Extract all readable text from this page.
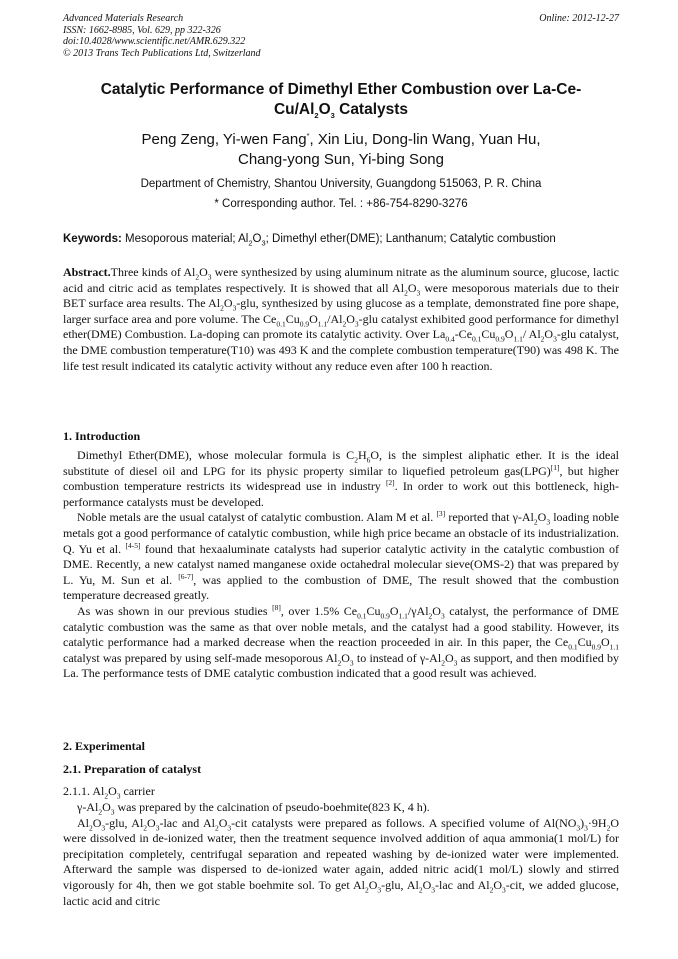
Advanced Materials Research
ISSN: 1662-8985, Vol. 629, pp 322-326
doi:10.4028/www.scientific.net/AMR.629.322
© 2013 Trans Tech Publications Ltd, Switzerland
Online: 2012-12-27
Catalytic Performance of Dimethyl Ether Combustion over La-Ce-
$Cu/Al_2O_3$ Catalysts
Peng Zeng, Yi-wen Fang*, Xin Liu, Dong-lin Wang, Yuan Hu,
Chang-yong Sun, Yi-bing Song
Department of Chemistry, Shantou University, Guangdong 515063, P. R. China
* Corresponding author. Tel. : +86-754-8290-3276
Keywords: Mesoporous material; $Al_2O_3$; Dimethyl ether(DME); Lanthanum; Catalytic combustion

Abstract.Three kinds of $Al_2O_3$ were synthesized by using aluminum nitrate as the aluminum source, glucose, lactic acid and citric acid as templates respectively. It is showed that all $Al_2O_3$ were mesoporous materials due to their BET surface area results. The $Al_2O_3$-glu, synthesized by using glucose as a template, demonstrated fine pore shape, larger surface area and pore volume. The $Ce_{0.1}Cu_{0.9}O_{1.1}/Al_2O_3$-glu catalyst exhibited good performance for dimethyl ether(DME) Combustion. La-doping can promote its catalytic activity. Over $La_{0.4}-Ce_{0.1}Cu_{0.9}O_{1.1}/$ $Al_2O_3$-glu catalyst, the DME combustion temperature(T10) was 493 K and the complete combustion temperature(T90) was 498 K. The life test result indicated its catalytic activity without any reduce even after 100 h reaction.

1. Introduction

Dimethyl Ether(DME), whose molecular formula is $C_2H_6O$, is the simplest aliphatic ether. It is the ideal substitute of diesel oil and LPG for its physic property similar to liquefied petroleum gas(LPG)[1], but higher combustion temperature restricts its widespread use in industry [2]. In order to work out this bottleneck, high-performance catalysts must be developed.

Noble metals are the usual catalyst of catalytic combustion. Alam M et al. [3] reported that $\gamma-Al_2O_3$ loading noble metals got a good performance of catalytic combustion, while high price became an obstacle of its industrialization. Q. Yu et al. [4-5] found that hexaaluminate catalysts had superior catalytic activity in the catalytic combustion of DME. Recently, a new catalyst named manganese oxide octahedral molecular sieve(OMS-2) that was prepared by L. Yu, M. Sun et al. [6-7], was applied to the combustion of DME, The result showed that the combustion temperature decreased greatly.

As was shown in our previous studies [8], over 1.5% $Ce_{0.1}Cu_{0.9}O_{1.1}/\gamma Al_2O_3$ catalyst, the performance of DME catalytic combustion was the same as that over noble metals, and the catalyst had a good stability. However, its catalytic performance had a marked decrease when the reaction proceeded in air. In this paper, the $Ce_{0.1}Cu_{0.9}O_{1.1}$ catalyst was prepared by using self-made mesoporous $Al_2O_3$ to instead of $\gamma-Al_2O_3$ as support, and then modified by La. The performance tests of DME catalytic combustion indicated that a good result was achieved.

2. Experimental
2.1. Preparation of catalyst
2.1.1. $Al_2O_3$ carrier

$\gamma-Al_2O_3$ was prepared by the calcination of pseudo-boehmite(823 K, 4 h).

$Al_2O_3$-glu, $Al_2O_3$-lac and $Al_2O_3$-cit catalysts were prepared as follows. A specified volume of $Al(NO_3)_3\cdot 9H_2O$ were dissolved in de-ionized water, then the treatment sequence involved addition of aqua ammonia(1 mol/L) for precipitation completely, centrifugal separation and repeated washing by de-ionized water were implemented. Afterward the sample was dispersed to de-ionized water again, added nitric acid(1 mol/L) slowly and stirred vigorously for 4h, then we got stable boehmite sol. To get $Al_2O_3$-glu, $Al_2O_3$-lac and $Al_2O_3$-cit, we added glucose, lactic acid and citric
